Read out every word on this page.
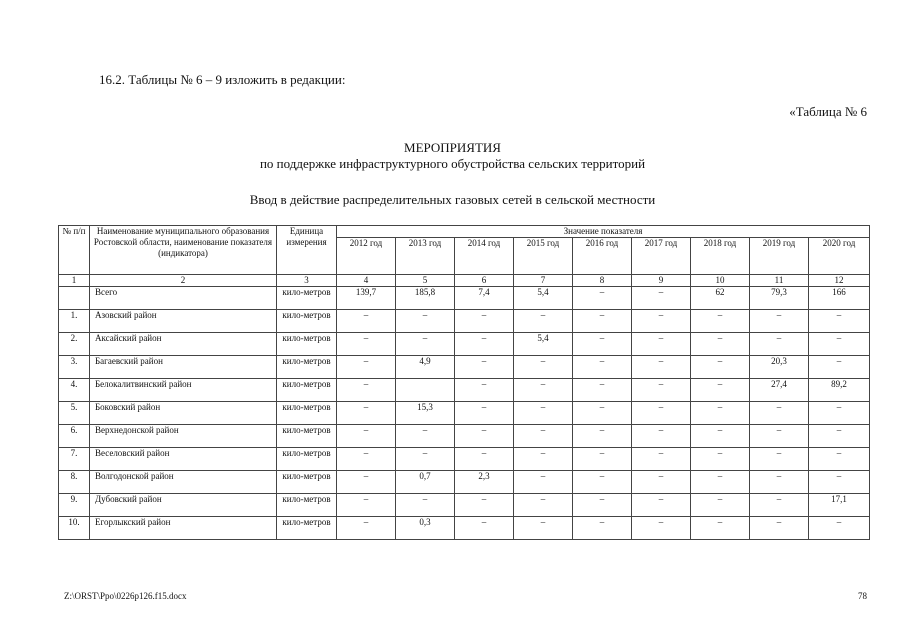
16.2. Таблицы № 6 – 9 изложить в редакции:
«Таблица № 6
МЕРОПРИЯТИЯ
по поддержке инфраструктурного обустройства сельских территорий
Ввод в действие распределительных газовых сетей в сельской местности
№ п/п	Наименование муниципального образования Ростовской области, наименование показателя (индикатора)	Единица измерения	Значение показателя								
			2012 год	2013 год	2014 год	2015 год	2016 год	2017 год	2018 год	2019 год	2020 год
1	2	3	4	5	6	7	8	9	10	11	12
	Всего	кило-метров	139,7	185,8	7,4	5,4	–	–	62	79,3	166
1.	Азовский район	кило-метров	–	–	–	–	–	–	–	–	–
2.	Аксайский район	кило-метров	–	–	–	5,4	–	–	–	–	–
3.	Багаевский район	кило-метров	–	4,9	–	–	–	–	–	20,3	–
4.	Белокалитвинский район	кило-метров	–		–	–	–	–	–	27,4	89,2
5.	Боковский район	кило-метров	–	15,3	–	–	–	–	–	–	–
6.	Верхнедонской район	кило-метров	–	–	–	–	–	–	–	–	–
7.	Веселовский район	кило-метров	–	–	–	–	–	–	–	–	–
8.	Волгодонской район	кило-метров	–	0,7	2,3	–	–	–	–	–	–
9.	Дубовский район	кило-метров	–	–	–	–	–	–	–	–	17,1
10.	Егорлыкский район	кило-метров	–	0,3	–	–	–	–	–	–	–
Z:\ORST\Ppo\0226p126.f15.docx	78
